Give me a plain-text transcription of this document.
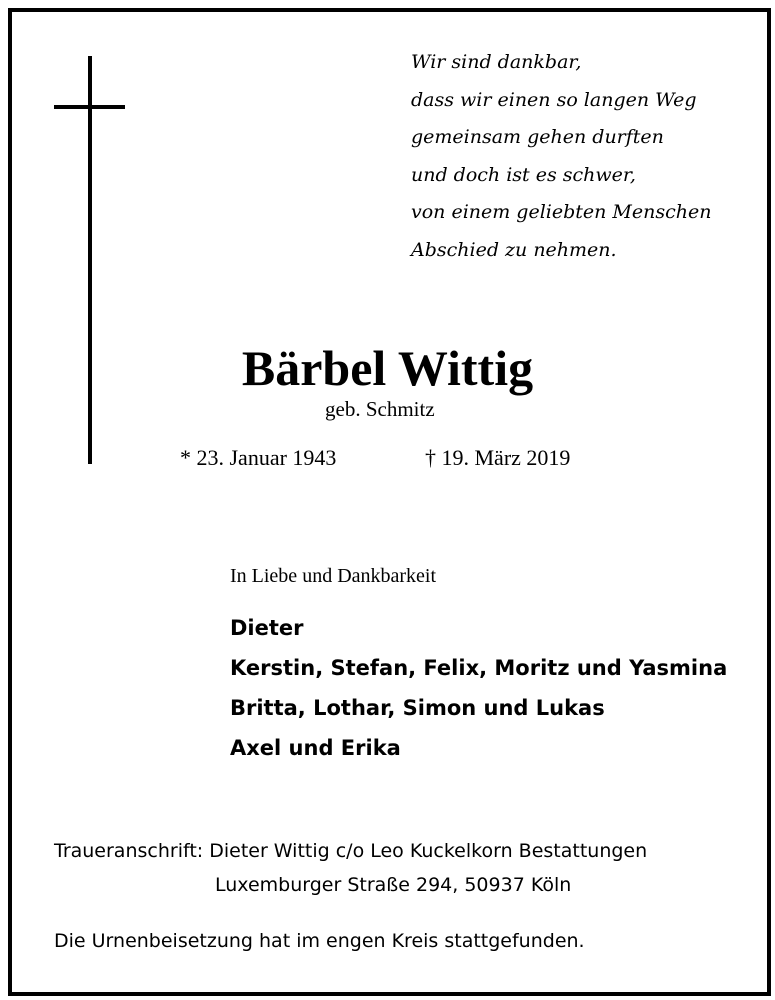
Wir sind dankbar,
dass wir einen so langen Weg
gemeinsam gehen durften
und doch ist es schwer,
von einem geliebten Menschen
Abschied zu nehmen.
Bärbel Wittig
geb. Schmitz
* 23. Januar 1943	† 19. März 2019
In Liebe und Dankbarkeit
Dieter
Kerstin, Stefan, Felix, Moritz und Yasmina
Britta, Lothar, Simon und Lukas
Axel und Erika
Traueranschrift: Dieter Wittig c/o Leo Kuckelkorn Bestattungen
Luxemburger Straße 294, 50937 Köln
Die Urnenbeisetzung hat im engen Kreis stattgefunden.
